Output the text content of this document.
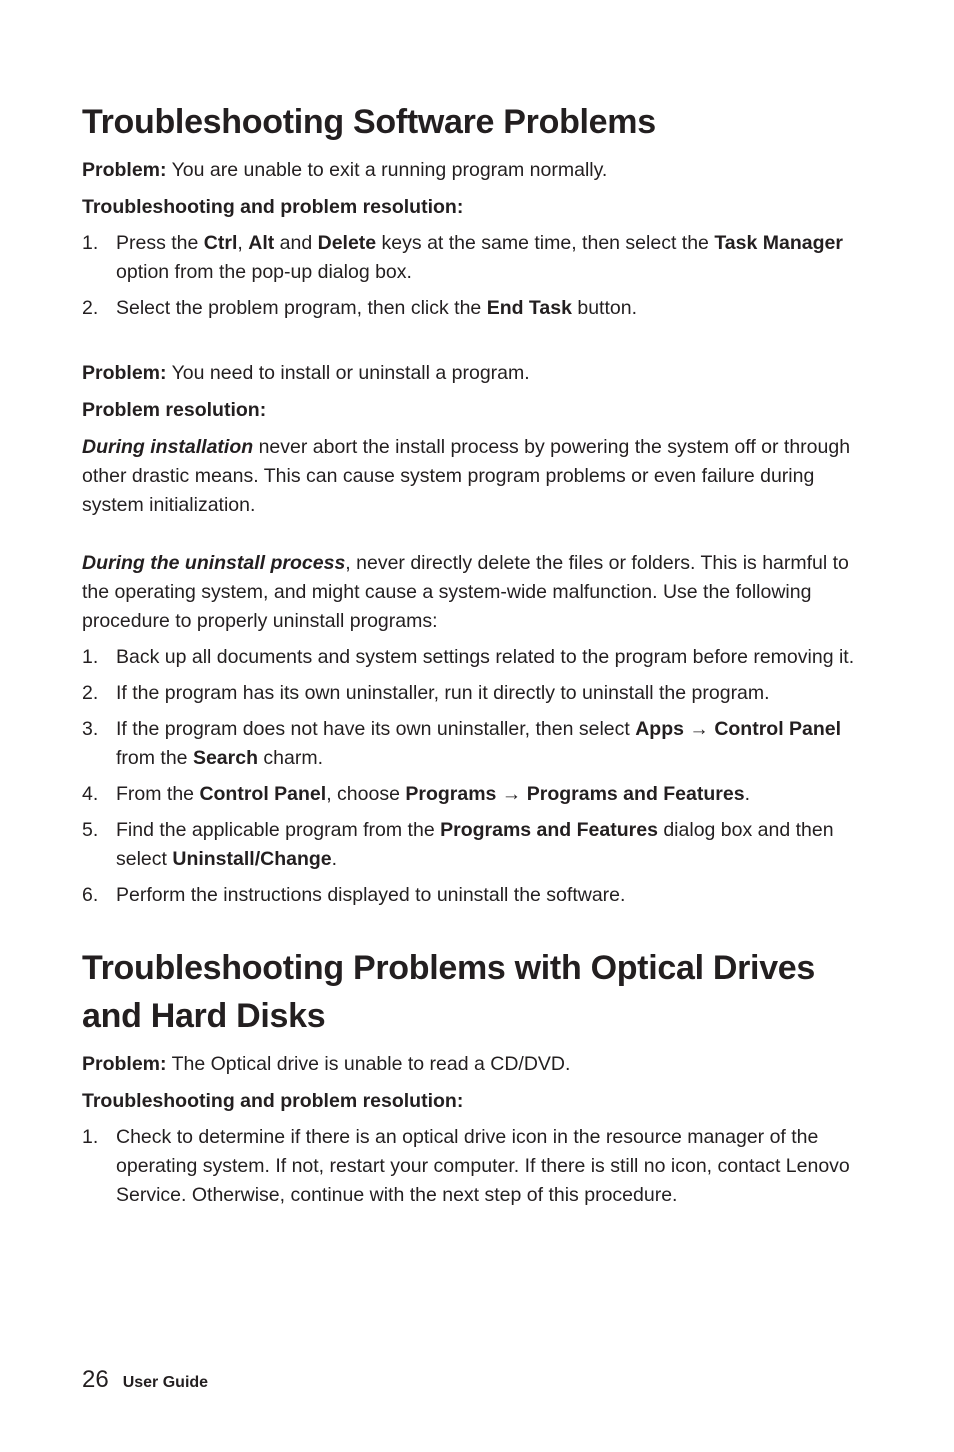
Troubleshooting Software Problems

Problem: You are unable to exit a running program normally.

Troubleshooting and problem resolution:

1. Press the Ctrl, Alt and Delete keys at the same time, then select the Task Manager option from the pop-up dialog box.
2. Select the problem program, then click the End Task button.

Problem: You need to install or uninstall a program.

Problem resolution:

During installation never abort the install process by powering the system off or through other drastic means. This can cause system program problems or even failure during system initialization.

During the uninstall process, never directly delete the files or folders. This is harmful to the operating system, and might cause a system-wide malfunction. Use the following procedure to properly uninstall programs:

1. Back up all documents and system settings related to the program before removing it.
2. If the program has its own uninstaller, run it directly to uninstall the program.
3. If the program does not have its own uninstaller, then select Apps → Control Panel from the Search charm.
4. From the Control Panel, choose Programs → Programs and Features.
5. Find the applicable program from the Programs and Features dialog box and then select Uninstall/Change.
6. Perform the instructions displayed to uninstall the software.
Troubleshooting Problems with Optical Drives and Hard Disks

Problem: The Optical drive is unable to read a CD/DVD.

Troubleshooting and problem resolution:

1. Check to determine if there is an optical drive icon in the resource manager of the operating system. If not, restart your computer. If there is still no icon, contact Lenovo Service. Otherwise, continue with the next step of this procedure.
26 User Guide
